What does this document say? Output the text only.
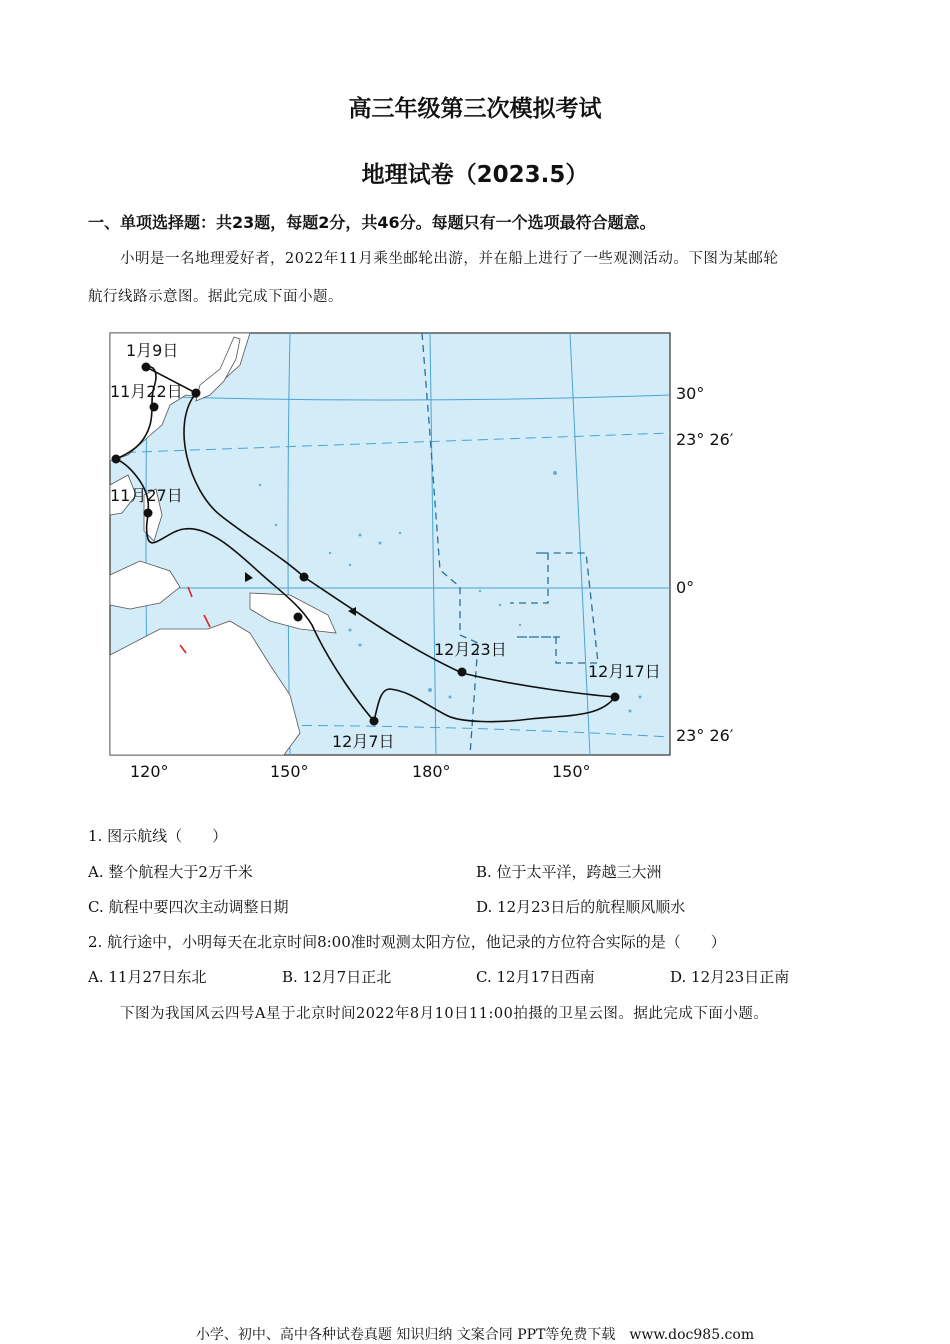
高三年级第三次模拟考试
地理试卷（2023.5）
一、单项选择题：共23题，每题2分，共46分。每题只有一个选项最符合题意。
小明是一名地理爱好者，2022年11月乘坐邮轮出游，并在船上进行了一些观测活动。下图为某邮轮
航行线路示意图。据此完成下面小题。
1月9日
11月22日
11月27日
12月7日
12月23日
12月17日
30°
23° 26′
0°
23° 26′
120°	150°	180°	150°
1. 图示航线（　　）
A. 整个航程大于2万千米	B. 位于太平洋，跨越三大洲
C. 航程中要四次主动调整日期	D. 12月23日后的航程顺风顺水
2. 航行途中，小明每天在北京时间8:00准时观测太阳方位，他记录的方位符合实际的是（　　）
A. 11月27日东北	B. 12月7日正北	C. 12月17日西南	D. 12月23日正南
下图为我国风云四号A星于北京时间2022年8月10日11:00拍摄的卫星云图。据此完成下面小题。
小学、初中、高中各种试卷真题 知识归纳 文案合同 PPT等免费下载　www.doc985.com
